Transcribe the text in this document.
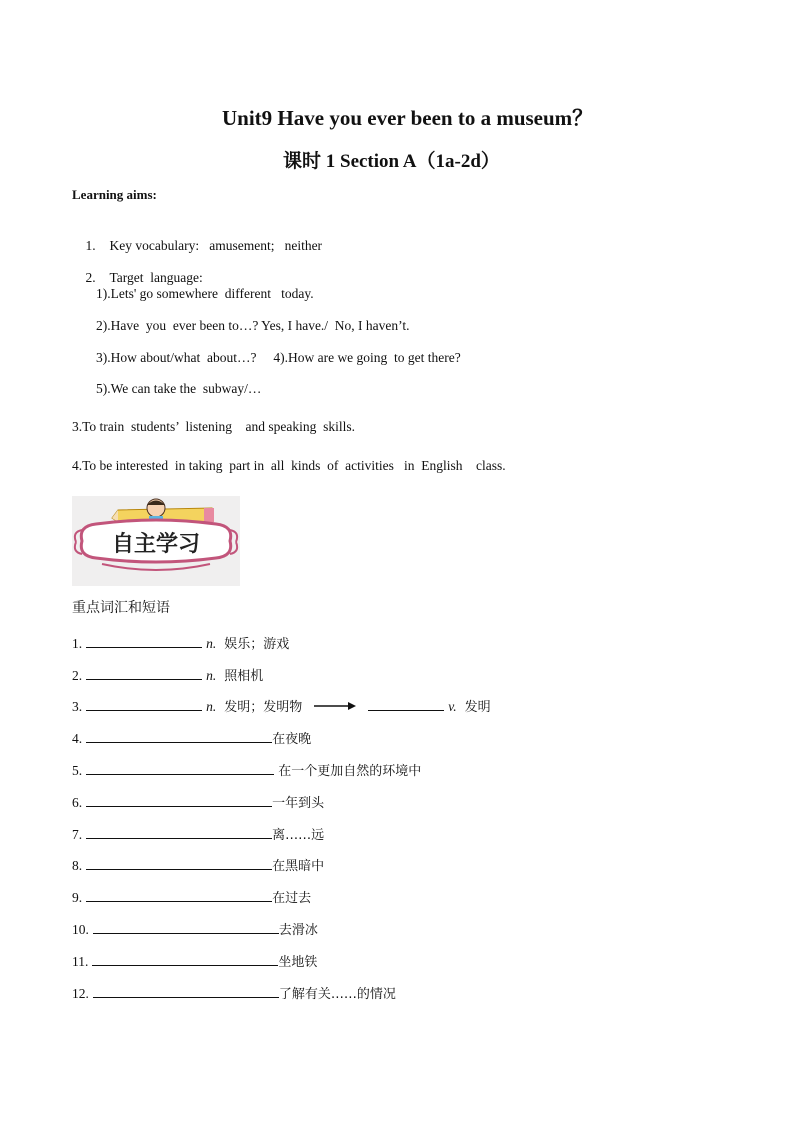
Unit9 Have you ever been to a museum？
课时 1 Section A（1a-2d）
Learning aims:

1. Key vocabulary:   amusement;   neither

2. Target  language:

1).Lets' go somewhere  different   today.
2).Have  you  ever been to…? Yes, I have./  No, I haven’t.
3).How about/what  about…?     4).How are we going  to get there?
5).We can take the  subway/…
3.To train  students’  listening    and speaking  skills.
4.To be interested  in taking  part in  all  kinds  of  activities   in  English    class.
自主学习
重点词汇和短语
1.	n. 娱乐；游戏
2.	n. 照相机
3.	n. 发明；发明物	v. 发明
4.	在夜晚
5.	在一个更加自然的环境中
6.	一年到头
7.	离……远
8.	在黑暗中
9.	在过去
10.	去滑冰
11.	坐地铁
12.	了解有关……的情况
